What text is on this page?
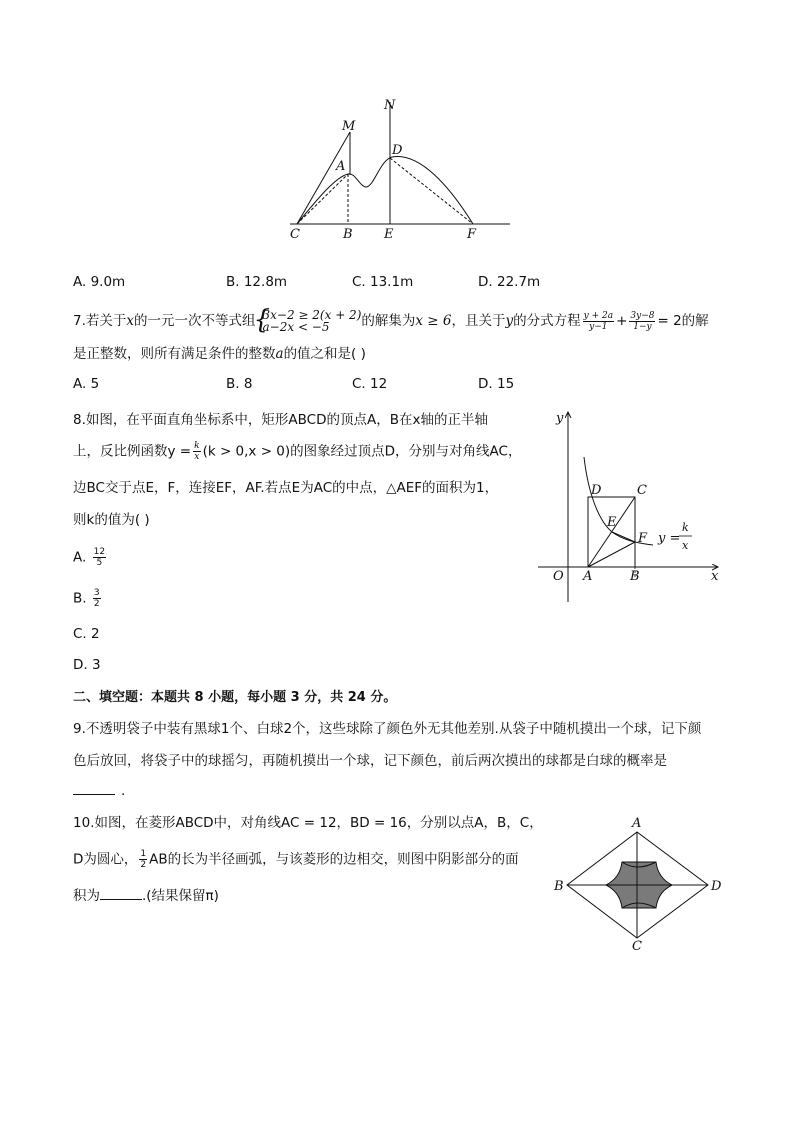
M
N
A
D
C	B E	F
A. 9.0m	B. 12.8m	C. 13.1m	D. 22.7m
7.若关于x的一元一次不等式组
{ 3x−2 ≥ 2(x + 2)
a−2x < −5	的解集为x ≥ 6，且关于y的分式方程 $\frac{y + 2a}{y-1} + \frac{3y-8}{1-y} = 2$的解
是正整数，则所有满足条件的整数a的值之和是( )
A. 5	B. 8	C. 12	D. 15
8.如图，在平面直角坐标系中，矩形ABCD的顶点A，B在x轴的正半轴
上，反比例函数$y = \frac{k}{x} (k > 0,x > 0)$的图象经过顶点D，分别与对角线AC，
边BC交于点E，F，连接EF，AF.若点E为AC的中点，△AEF的面积为1，
则k的值为( )
A. $\frac{12}{5}$
B. $\frac{3}{2}$
C. 2
D. 3
y
x
O A	B
C
D
E
F y =
k
x
二、填空题：本题共 8 小题，每小题 3 分，共 24 分。
9.不透明袋子中装有黑球1个、白球2个，这些球除了颜色外无其他差别.从袋子中随机摸出一个球，记下颜
色后放回，将袋子中的球摇匀，再随机摸出一个球，记下颜色，前后两次摸出的球都是白球的概率是
.
10.如图，在菱形ABCD中，对角线AC = 12，BD = 16，分别以点A，B，C，
D为圆心， $\frac{1}{2}$ AB的长为半径画弧，与该菱形的边相交，则图中阴影部分的面
积为	.(结果保留π)
A
B
C
D
